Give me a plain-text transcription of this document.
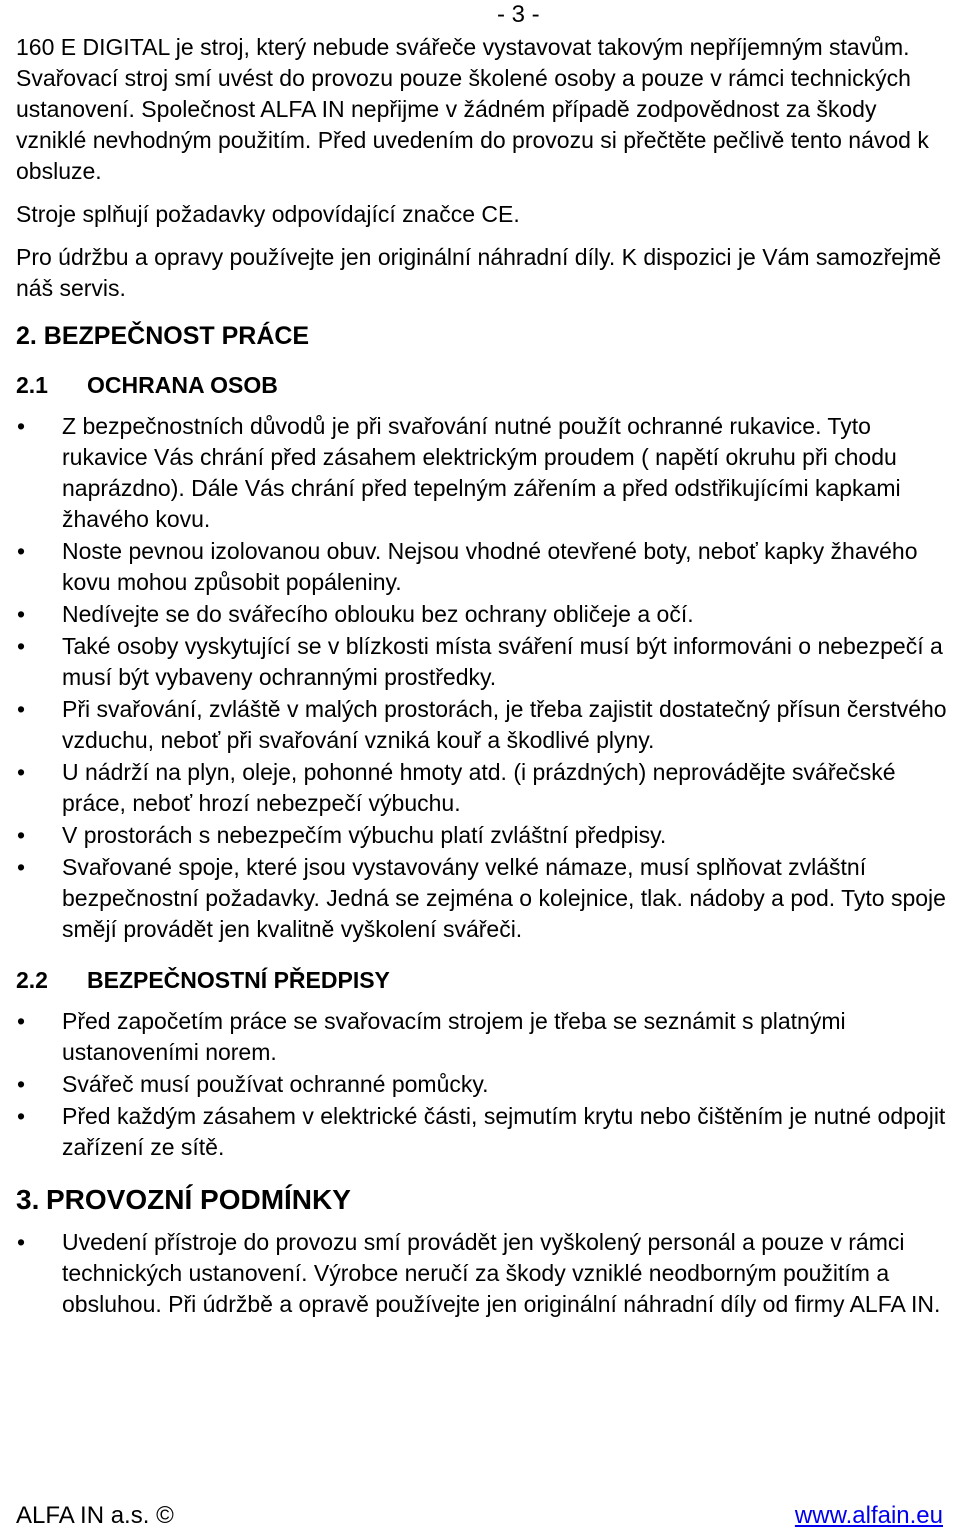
- 3 -

160 E DIGITAL je stroj, který nebude svářeče vystavovat takovým nepříjemným stavům.

Svařovací stroj smí uvést do provozu pouze školené osoby a pouze v rámci technických ustanovení. Společnost ALFA IN nepřijme v žádném případě zodpovědnost za škody vzniklé nevhodným použitím. Před uvedením do provozu si přečtěte pečlivě tento návod k obsluze.

Stroje splňují požadavky odpovídající značce CE.

Pro údržbu a opravy používejte jen originální náhradní díly. K dispozici je Vám samozřejmě náš servis.

2. BEZPEČNOST PRÁCE
2.1	OCHRANA OSOB
•	Z bezpečnostních důvodů je při svařování nutné použít ochranné rukavice. Tyto rukavice Vás chrání před zásahem elektrickým proudem ( napětí okruhu při chodu naprázdno). Dále Vás chrání před tepelným zářením a před odstřikujícími kapkami žhavého kovu.
•	Noste pevnou izolovanou obuv. Nejsou vhodné otevřené boty, neboť kapky žhavého kovu mohou způsobit popáleniny.
•	Nedívejte se do svářecího oblouku bez ochrany obličeje a očí.
•	Také osoby vyskytující se v blízkosti místa sváření musí být informováni o nebezpečí a musí být vybaveny ochrannými prostředky.
•	Při svařování, zvláště v malých prostorách, je třeba zajistit dostatečný přísun čerstvého vzduchu, neboť při svařování vzniká kouř a škodlivé plyny.
•	U nádrží na plyn, oleje, pohonné hmoty atd. (i prázdných) neprovádějte svářečské práce, neboť hrozí nebezpečí výbuchu.
•	V prostorách s nebezpečím výbuchu platí zvláštní předpisy.
•	Svařované spoje, které jsou vystavovány velké námaze, musí splňovat zvláštní bezpečnostní požadavky. Jedná se zejména o kolejnice, tlak. nádoby a pod. Tyto spoje smějí provádět jen kvalitně vyškolení svářeči.
2.2	BEZPEČNOSTNÍ PŘEDPISY
•	Před započetím práce se svařovacím strojem je třeba se seznámit s platnými ustanoveními norem.
•	Svářeč musí používat ochranné pomůcky.
•	Před každým zásahem v elektrické části, sejmutím krytu nebo čištěním je nutné odpojit zařízení ze sítě.
3. PROVOZNÍ PODMÍNKY
•	Uvedení přístroje do provozu smí provádět jen vyškolený personál a pouze v rámci technických ustanovení. Výrobce neručí za škody vzniklé neodborným použitím a obsluhou. Při údržbě a opravě používejte jen originální náhradní díly od firmy ALFA IN.
ALFA IN a.s. ©	www.alfain.eu
